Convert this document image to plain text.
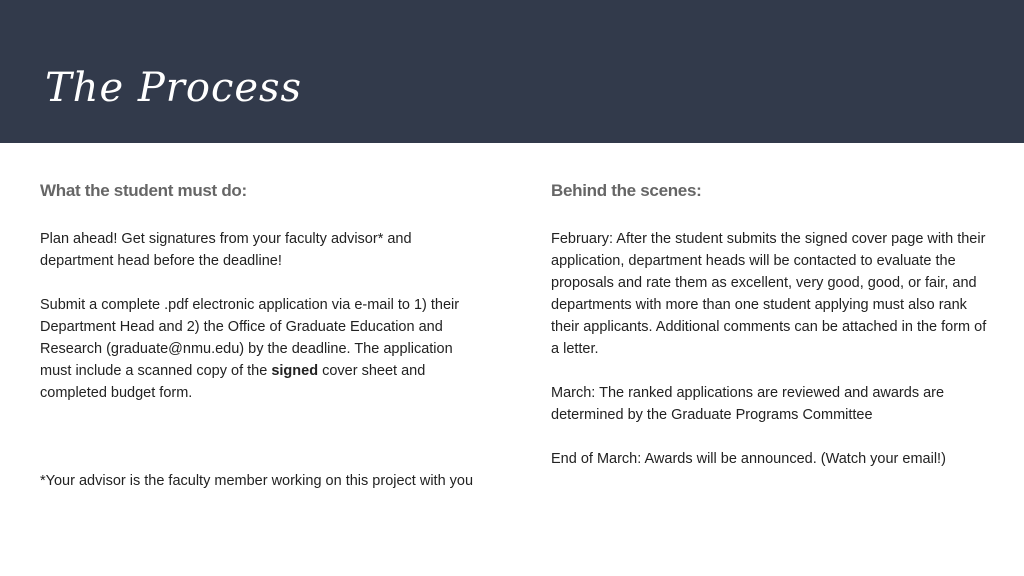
The Process
What the student must do:

Plan ahead! Get signatures from your faculty advisor* and department head before the deadline!

Submit a complete .pdf electronic application via e-mail to 1) their Department Head and 2) the Office of Graduate Education and Research (graduate@nmu.edu) by the deadline. The application must include a scanned copy of the signed cover sheet and completed budget form.

*Your advisor is the faculty member working on this project with you

Behind the scenes:

February: After the student submits the signed cover page with their application, department heads will be contacted to evaluate the proposals and rate them as excellent, very good, good, or fair, and departments with more than one student applying must also rank their applicants. Additional comments can be attached in the form of a letter.

March: The ranked applications are reviewed and awards are determined by the Graduate Programs Committee

End of March: Awards will be announced. (Watch your email!)
